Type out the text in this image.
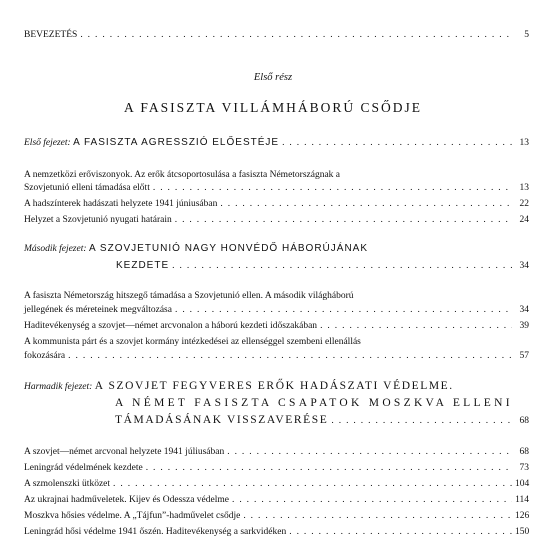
BEVEZETÉS . . .	5
Első rész
A FASISZTA VILLÁMHÁBORÚ CSŐDJE
Első fejezet: A FASISZTA AGRESSZIÓ ELŐESTÉJE . . .	13
A nemzetközi erőviszonyok. Az erők átcsoportosulása a fasiszta Németországnak a
Szovjetunió elleni támadása előtt . . .	13
A hadszínterek hadászati helyzete 1941 júniusában . . .	22
Helyzet a Szovjetunió nyugati határain . . .	24
Második fejezet: A SZOVJETUNIÓ NAGY HONVÉDŐ HÁBORÚJÁNAK
KEZDETE . . .	34
A fasiszta Németország hitszegő támadása a Szovjetunió ellen. A második világháború
jellegének és méreteinek megváltozása . . .	34
Haditevékenység a szovjet—német arcvonalon a háború kezdeti időszakában . . .	39
A kommunista párt és a szovjet kormány intézkedései az ellenséggel szembeni ellenállás
fokozására . . .	57
Harmadik fejezet: A SZOVJET FEGYVERES ERŐK HADÁSZATI VÉDELME.
A NÉMET FASISZTA CSAPATOK MOSZKVA ELLENI
TÁMADÁSÁNAK VISSZAVERÉSE . . .	68
A szovjet—német arcvonal helyzete 1941 júliusában . . .	68
Leningrád védelmének kezdete . . .	73
A szmolenszki ütközet . . .	104
Az ukrajnai hadműveletek. Kijev és Odessza védelme . . .	114
Moszkva hősies védelme. A „Tájfun”-hadművelet csődje . . .	126
Leningrád hősi védelme 1941 őszén. Haditevékenység a sarkvidéken . . .	150
